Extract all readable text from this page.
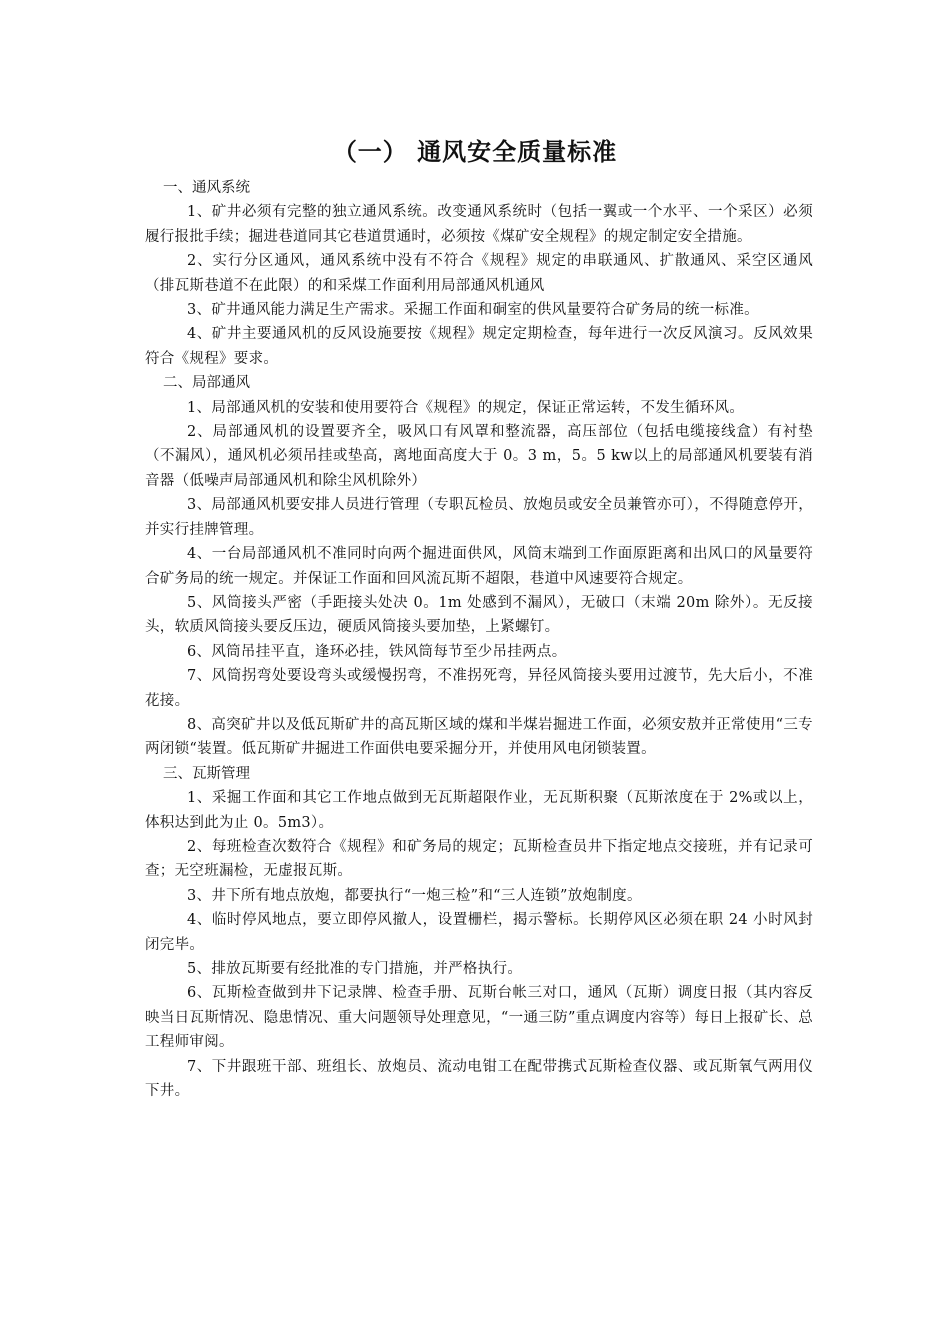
（一） 通风安全质量标准

一、通风系统

1、矿井必须有完整的独立通风系统。改变通风系统时（包括一翼或一个水平、一个采区）必须履行报批手续；掘进巷道同其它巷道贯通时，必须按《煤矿安全规程》的规定制定安全措施。

2、实行分区通风，通风系统中没有不符合《规程》规定的串联通风、扩散通风、采空区通风（排瓦斯巷道不在此限）的和采煤工作面利用局部通风机通风

3、矿井通风能力满足生产需求。采掘工作面和硐室的供风量要符合矿务局的统一标准。

4、矿井主要通风机的反风设施要按《规程》规定定期检查，每年进行一次反风演习。反风效果符合《规程》要求。

二、局部通风

1、局部通风机的安装和使用要符合《规程》的规定，保证正常运转，不发生循环风。

2、局部通风机的设置要齐全，吸风口有风罩和整流器，高压部位（包括电缆接线盒）有衬垫（不漏风），通风机必须吊挂或垫高，离地面高度大于 0。3 m，5。5 kw以上的局部通风机要装有消音器（低噪声局部通风机和除尘风机除外）

3、局部通风机要安排人员进行管理（专职瓦检员、放炮员或安全员兼管亦可），不得随意停开，并实行挂牌管理。

4、一台局部通风机不准同时向两个掘进面供风，风筒末端到工作面原距离和出风口的风量要符合矿务局的统一规定。并保证工作面和回风流瓦斯不超限，巷道中风速要符合规定。

5、风筒接头严密（手距接头处决 0。1m 处感到不漏风），无破口（末端 20m 除外）。无反接头，软质风筒接头要反压边，硬质风筒接头要加垫，上紧螺钉。

6、风筒吊挂平直，逢环必挂，铁风筒每节至少吊挂两点。

7、风筒拐弯处要设弯头或缓慢拐弯，不准拐死弯，异径风筒接头要用过渡节，先大后小，不准花接。

8、高突矿井以及低瓦斯矿井的高瓦斯区域的煤和半煤岩掘进工作面，必须安敖并正常使用“三专两闭锁“装置。低瓦斯矿井掘进工作面供电要采掘分开，并使用风电闭锁装置。

三、瓦斯管理

1、采掘工作面和其它工作地点做到无瓦斯超限作业，无瓦斯积聚（瓦斯浓度在于 2%或以上，体积达到此为止 0。5m3）。

2、每班检查次数符合《规程》和矿务局的规定；瓦斯检查员井下指定地点交接班，并有记录可查；无空班漏检，无虚报瓦斯。

3、井下所有地点放炮，都要执行“一炮三检”和“三人连锁”放炮制度。

4、临时停风地点，要立即停风撤人，设置栅栏，揭示警标。长期停风区必须在职 24 小时风封闭完毕。

5、排放瓦斯要有经批准的专门措施，并严格执行。

6、瓦斯检查做到井下记录牌、检查手册、瓦斯台帐三对口，通风（瓦斯）调度日报（其内容反映当日瓦斯情况、隐患情况、重大问题领导处理意见，“一通三防”重点调度内容等）每日上报矿长、总工程师审阅。

7、下井跟班干部、班组长、放炮员、流动电钳工在配带携式瓦斯检查仪器、或瓦斯氧气两用仪下井。
